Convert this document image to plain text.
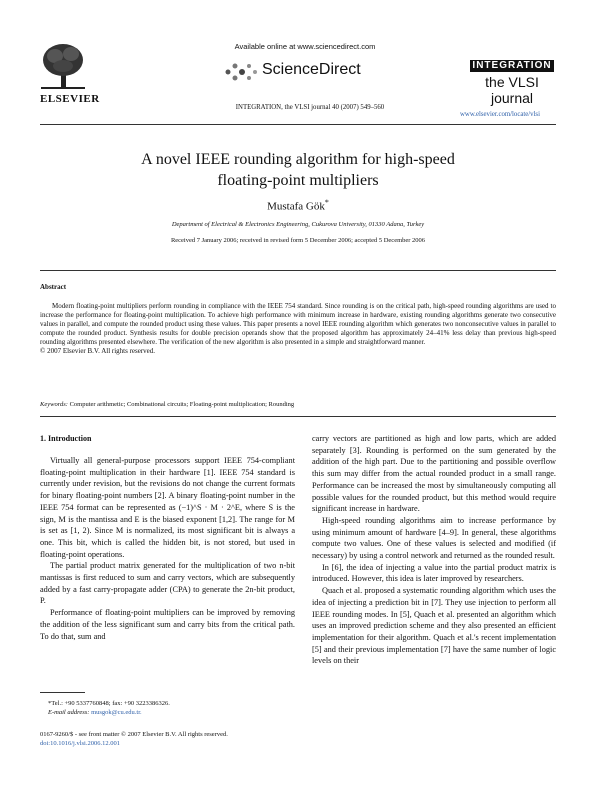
ELSEVIER
Available online at www.sciencedirect.com
ScienceDirect
INTEGRATION, the VLSI journal 40 (2007) 549–560
INTEGRATION
the VLSI journal
www.elsevier.com/locate/vlsi
A novel IEEE rounding algorithm for high-speed
floating-point multipliers
Mustafa Gök*
Department of Electrical & Electronics Engineering, Cukurova University, 01330 Adana, Turkey
Received 7 January 2006; received in revised form 5 December 2006; accepted 5 December 2006
Abstract
Modern floating-point multipliers perform rounding in compliance with the IEEE 754 standard. Since rounding is on the critical path, high-speed rounding algorithms are used to increase the performance for floating-point multiplication. To achieve high performance with minimum increase in hardware, existing rounding algorithms generate two consecutive values in parallel, and compute the rounded product using these values. This paper presents a novel IEEE rounding algorithm which generates two nonconsecutive values in parallel to compute the rounded product. Synthesis results for double precision operands show that the proposed algorithm has approximately 24–41% less delay than previous high-speed rounding algorithms presented elsewhere. The verification of the new algorithm is also presented in a simple and straightforward manner.
© 2007 Elsevier B.V. All rights reserved.
Keywords: Computer arithmetic; Combinational circuits; Floating-point multiplication; Rounding
1. Introduction

Virtually all general-purpose processors support IEEE 754-compliant floating-point multiplication in their hardware [1]. IEEE 754 standard is currently under revision, but the revisions do not change the current formats for binary floating-point numbers [2]. A binary floating-point number in the IEEE 754 format can be represented as (−1)^S · M · 2^E, where S is the sign, M is the mantissa and E is the biased exponent [1,2]. The range for M is set as [1, 2). Since M is normalized, its most significant bit is always a one. This bit, which is called the hidden bit, is not stored, but used in floating-point operations.

The partial product matrix generated for the multiplication of two n-bit mantissas is first reduced to sum and carry vectors, which are subsequently added by a fast carry-propagate adder (CPA) to generate the 2n-bit product, P.

Performance of floating-point multipliers can be improved by removing the addition of the less significant sum and carry bits from the critical path. To do that, sum and

carry vectors are partitioned as high and low parts, which are added separately [3]. Rounding is performed on the sum generated by the addition of the high part. Due to the partitioning and possible overflow this sum may differ from the actual rounded product in a small range. Performance can be increased the most by simultaneously computing all possible values for the rounded product, but this method would require significant increase in hardware.

High-speed rounding algorithms aim to increase performance by using minimum amount of hardware [4–9]. In general, these algorithms compute two values. One of these values is selected and modified (if necessary) by using a control network and returned as the rounded result.

In [6], the idea of injecting a value into the partial product matrix is introduced. However, this idea is later improved by researchers.

Quach et al. proposed a systematic rounding algorithm which uses the idea of injecting a prediction bit in [7]. They use injection to perform all IEEE rounding modes. In [5], Quach et al. presented an algorithm which uses an improved prediction scheme and they also presented an efficient implementation for their algorithm. Quach et al.'s recent implementation [5] and their previous implementation [7] have the same number of logic levels on their

*Tel.: +90 5337760848; fax: +90 3223386326.
E-mail address: musgok@cu.edu.tr.
0167-9260/$ - see front matter © 2007 Elsevier B.V. All rights reserved.
doi:10.1016/j.vlsi.2006.12.001
